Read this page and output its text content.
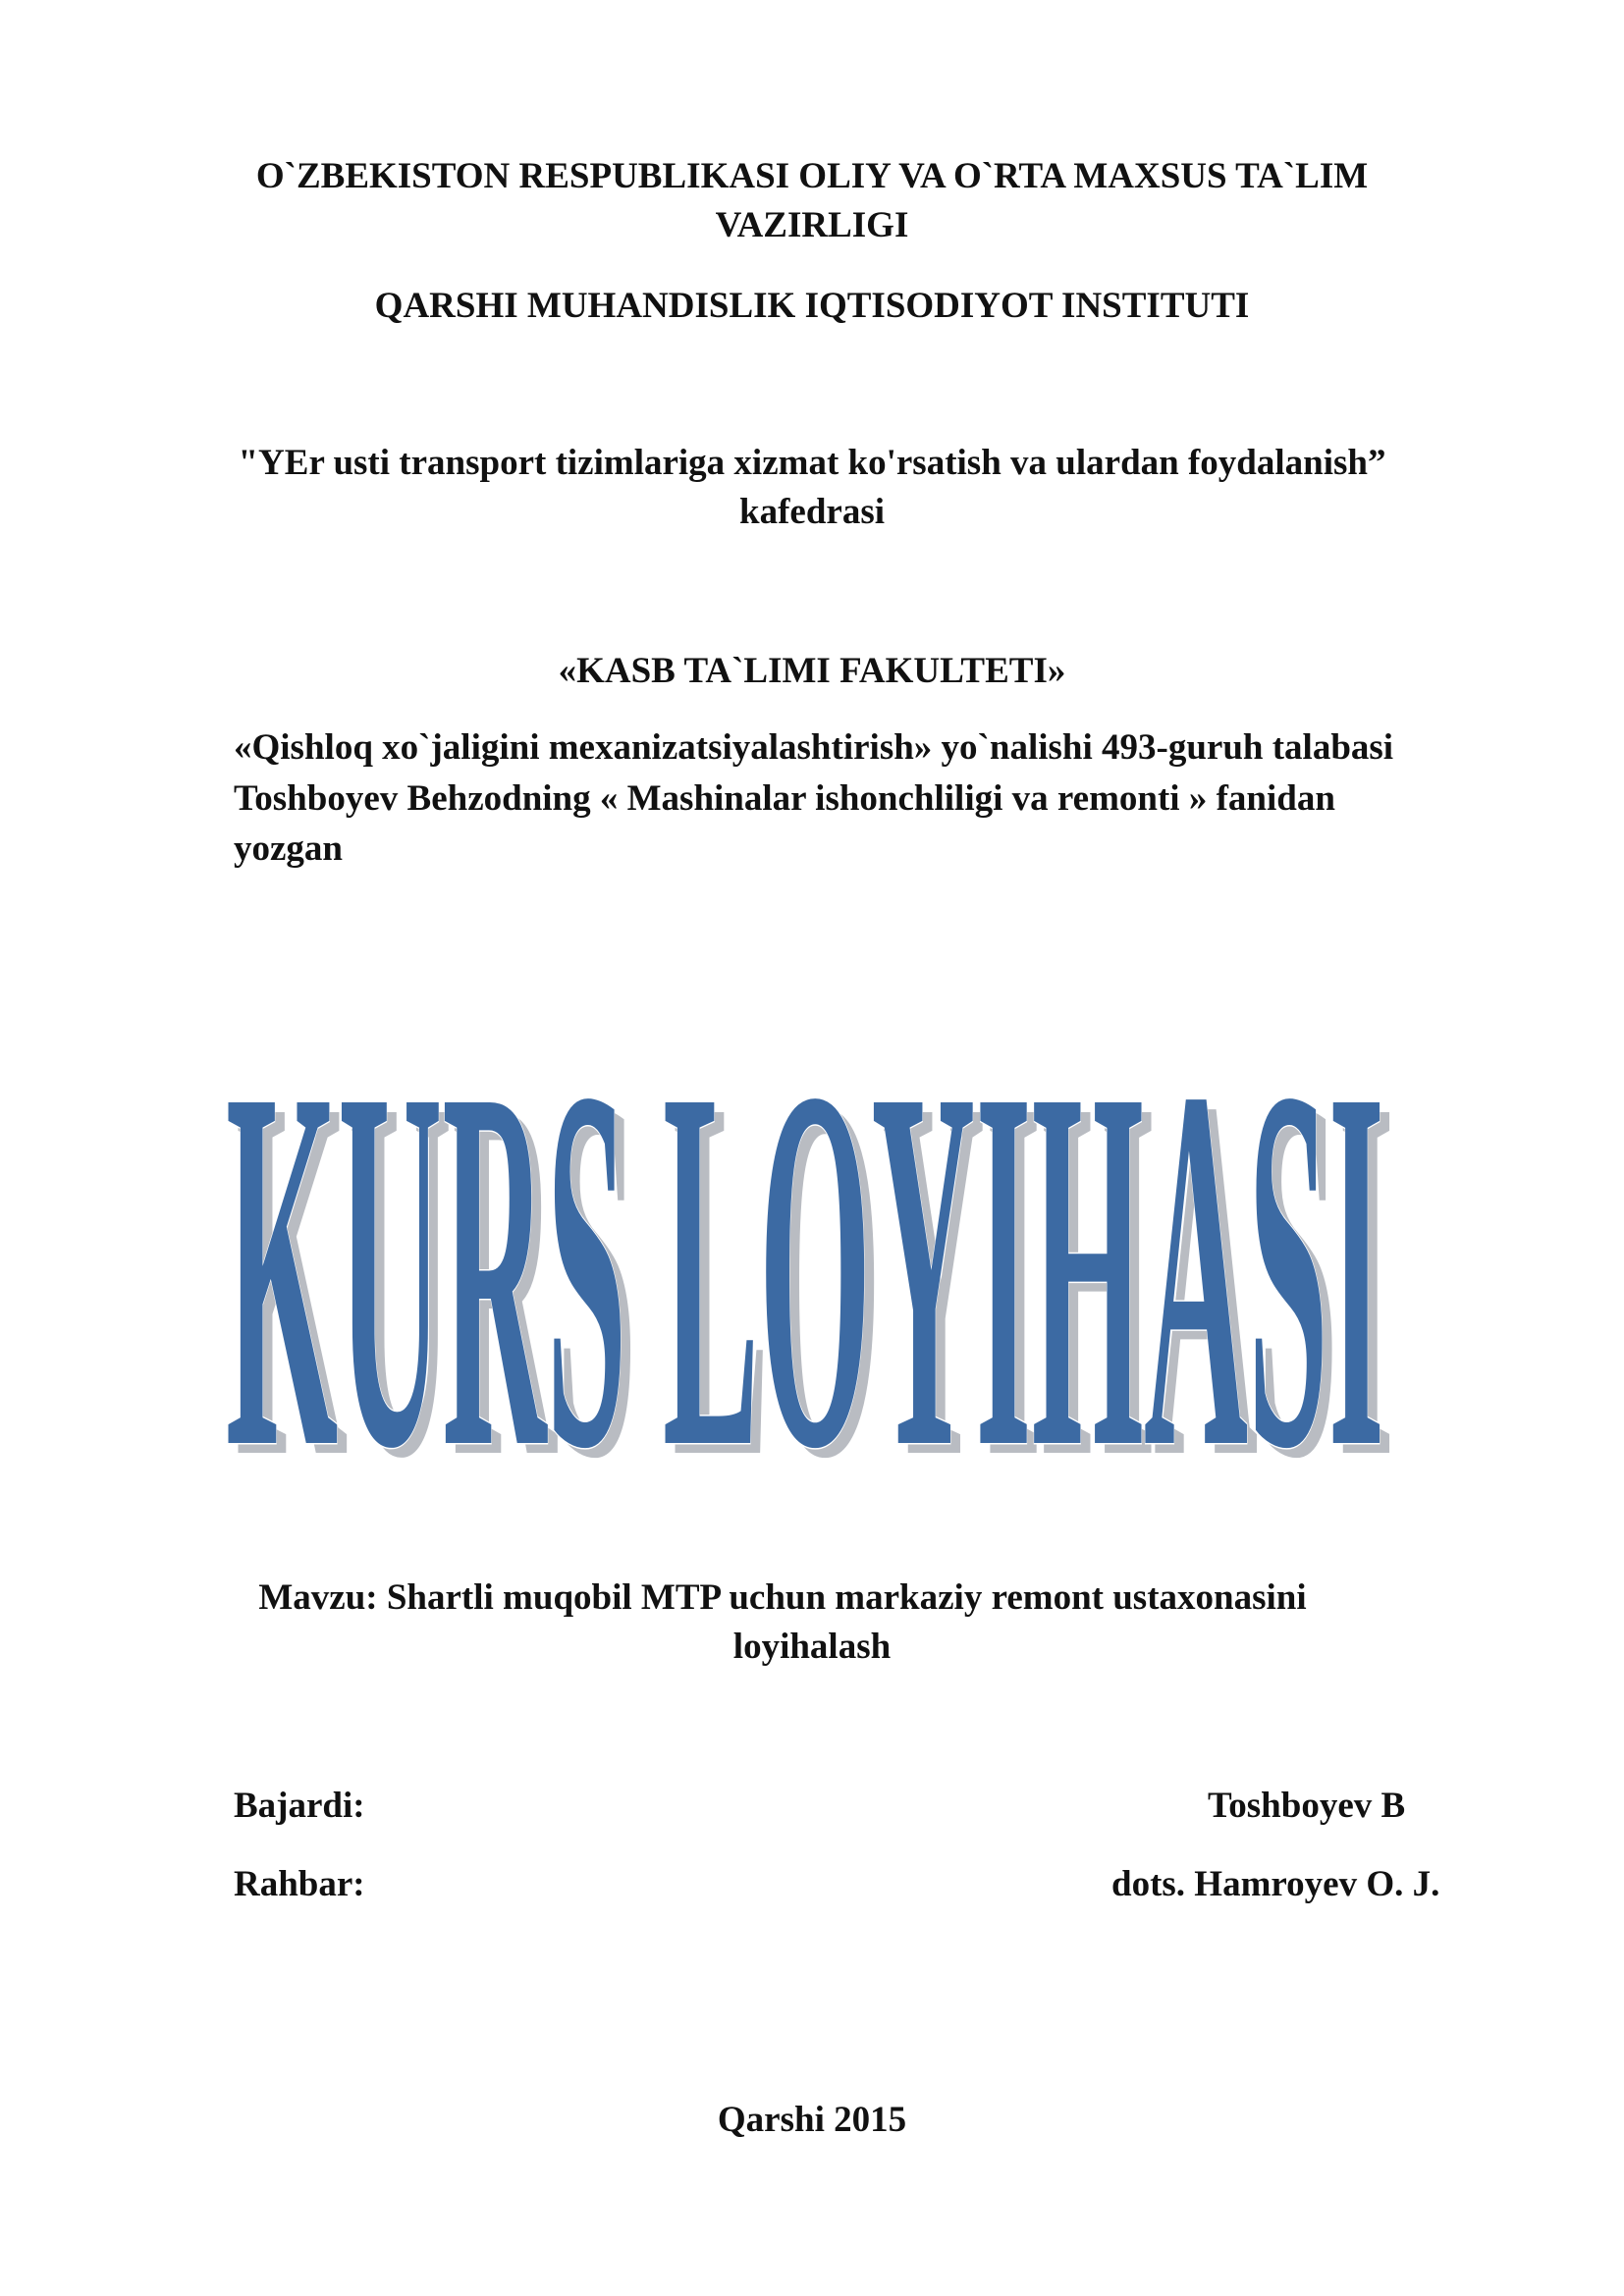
O`ZBEKISTON RESPUBLIKASI OLIY VA O`RTA MAXSUS TA`LIM
VAZIRLIGI
QARSHI MUHANDISLIK IQTISODIYOT INSTITUTI
"YEr usti transport tizimlariga xizmat ko'rsatish va ulardan foydalanish”
kafedrasi
«KASB TA`LIMI FAKULTETI»
«Qishloq xo`jaligini mexanizatsiyalashtirish» yo`nalishi 493-guruh talabasi
Toshboyev Behzodning « Mashinalar ishonchliligi va remonti » fanidan
yozgan
KURS LOYIHASI
KURS LOYIHASI
Mavzu: Shartli muqobil MTP uchun markaziy remont ustaxonasini
loyihalash
Bajardi:	Toshboyev B
Rahbar:	dots. Hamroyev O. J.
Qarshi 2015
